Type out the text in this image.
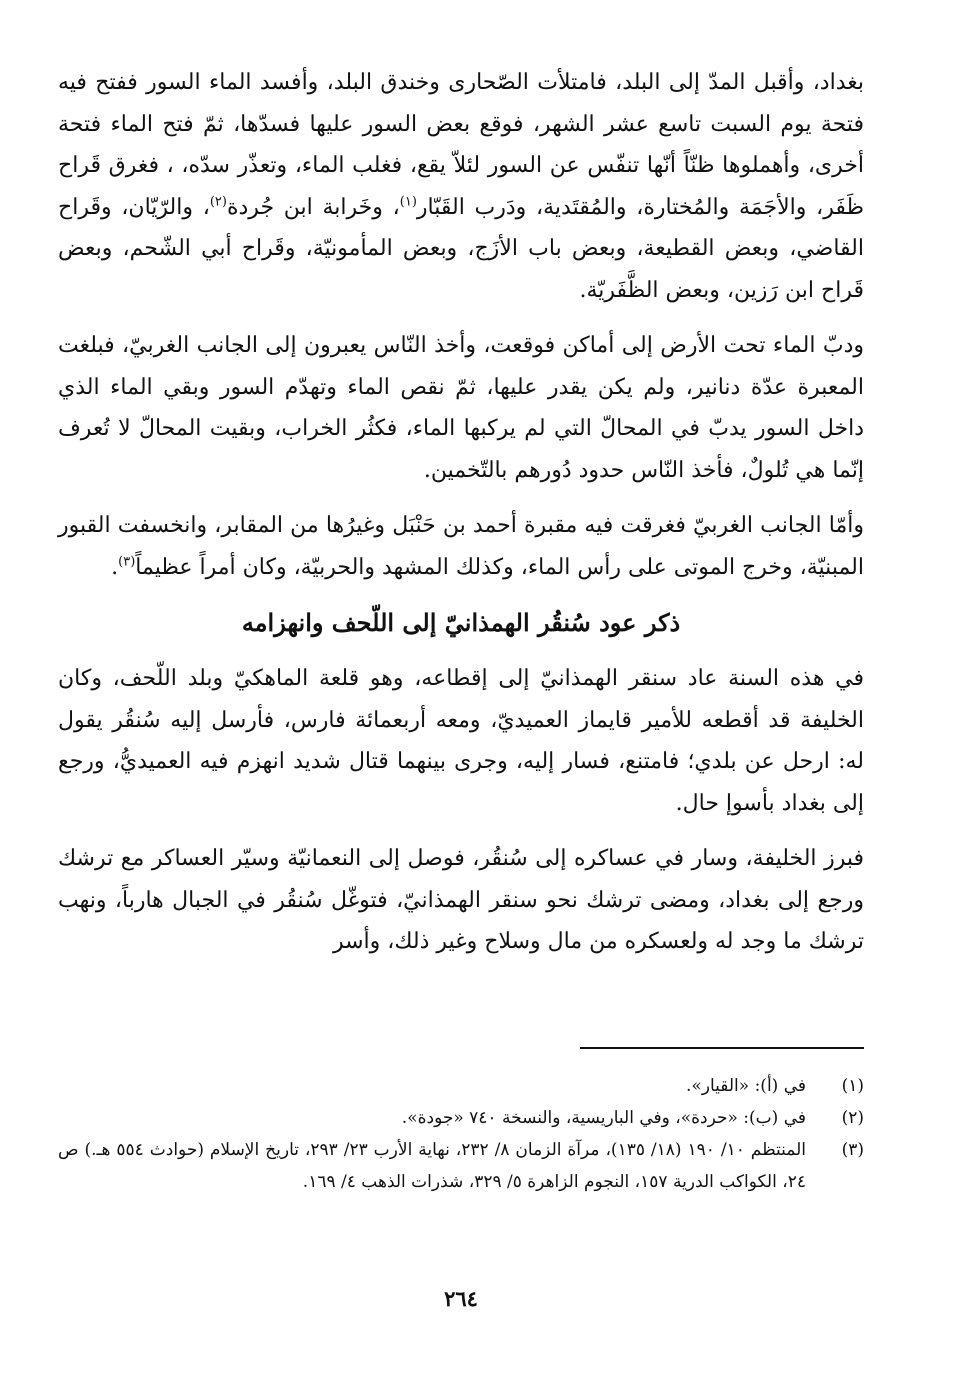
بغداد، وأقبل المدّ إلى البلد، فامتلأت الصّحارى وخندق البلد، وأفسد الماء السور ففتح فيه فتحة يوم السبت تاسع عشر الشهر، فوقع بعض السور عليها فسدّها، ثمّ فتح الماء فتحة أخرى، وأهملوها ظنّاً أنّها تنفّس عن السور لئلاّ يقع، فغلب الماء، وتعذّر سدّه، ، فغرق قَراح ظَفَر، والأجَمَة والمُختارة، والمُقتَدية، ودَرب القَبّار$^{(١)}$، وخَرابة ابن جُردة$^{(٢)}$، والرّيّان، وقَراح القاضي، وبعض القطيعة، وبعض باب الأزَج، وبعض المأمونيّة، وقَراح أبي الشّحم، وبعض قَراح ابن رَزين، وبعض الظَّفَريّة.

ودبّ الماء تحت الأرض إلى أماكن فوقعت، وأخذ النّاس يعبرون إلى الجانب الغربيّ، فبلغت المعبرة عدّة دنانير، ولم يكن يقدر عليها، ثمّ نقص الماء وتهدّم السور وبقي الماء الذي داخل السور يدبّ في المحالّ التي لم يركبها الماء، فكثُر الخراب، وبقيت المحالّ لا تُعرف إنّما هي تُلولٌ، فأخذ النّاس حدود دُورهم بالتّخمين.

وأمّا الجانب الغربيّ فغرقت فيه مقبرة أحمد بن حَنْبَل وغيرُها من المقابر، وانخسفت القبور المبنيّة، وخرج الموتى على رأس الماء، وكذلك المشهد والحربيّة، وكان أمراً عظيماً$^{(٣)}$.

ذكر عود سُنقُر الهمذانيّ إلى اللّحف وانهزامه

في هذه السنة عاد سنقر الهمذانيّ إلى إقطاعه، وهو قلعة الماهكيّ وبلد اللّحف، وكان الخليفة قد أقطعه للأمير قايماز العميديّ، ومعه أربعمائة فارس، فأرسل إليه سُنقُر يقول له: ارحل عن بلدي؛ فامتنع، فسار إليه، وجرى بينهما قتال شديد انهزم فيه العميديُّ، ورجع إلى بغداد بأسوإ حال.

فبرز الخليفة، وسار في عساكره إلى سُنقُر، فوصل إلى النعمانيّة وسيّر العساكر مع ترشك ورجع إلى بغداد، ومضى ترشك نحو سنقر الهمذانيّ، فتوغّل سُنقُر في الجبال هارباً، ونهب ترشك ما وجد له ولعسكره من مال وسلاح وغير ذلك، وأسر

(١)
في (أ): «القيار».
(٢)
في (ب): «حردة»، وفي الباريسية، والنسخة ٧٤٠ «جودة».
(٣)
المنتظم ١٠/ ١٩٠ (١٨/ ١٣٥)، مرآة الزمان ٨/ ٢٣٢، نهاية الأرب ٢٣/ ٢٩٣، تاريخ الإسلام (حوادث ٥٥٤ هـ.) ص ٢٤، الكواكب الدرية ١٥٧، النجوم الزاهرة ٥/ ٣٢٩، شذرات الذهب ٤/ ١٦٩.
٢٦٤
